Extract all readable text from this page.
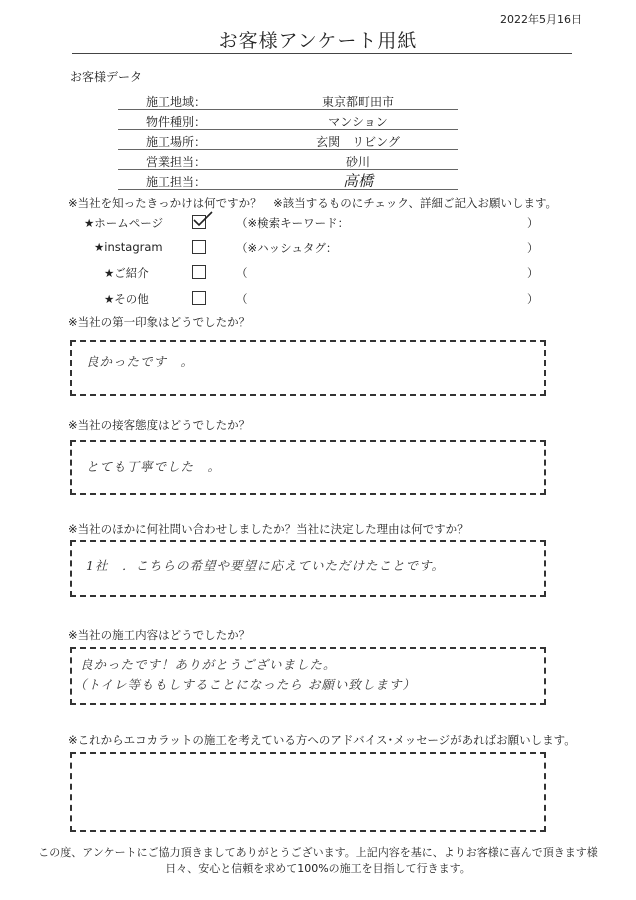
2022年5月16日
お客様アンケート用紙
お客様データ
施工地域：	東京都町田市
物件種別：	マンション
施工場所：	玄関　リビング
営業担当：	砂川
施工担当：	高橋
※当社を知ったきっかけは何ですか？　※該当するものにチェック、詳細ご記入お願いします。
★ホームページ	（※検索キーワード：	）
★instagram	（※ハッシュタグ：	）
★ご紹介	（	）
★その他	（	）
※当社の第一印象はどうでしたか？
良かったです　。
※当社の接客態度はどうでしたか？
とても丁寧でした　。
※当社のほかに何社問い合わせしましたか？当社に決定した理由は何ですか？
1社　．こちらの希望や要望に応えていただけたことです。
※当社の施工内容はどうでしたか？
良かったです！ありがとうございました。
（トイレ等ももしすることになったら お願い致します）
※これからエコカラットの施工を考えている方へのアドバイス･メッセージがあればお願いします。
この度、アンケートにご協力頂きましてありがとうございます。上記内容を基に、よりお客様に喜んで頂きます様
日々、安心と信頼を求めて100%の施工を目指して行きます。
